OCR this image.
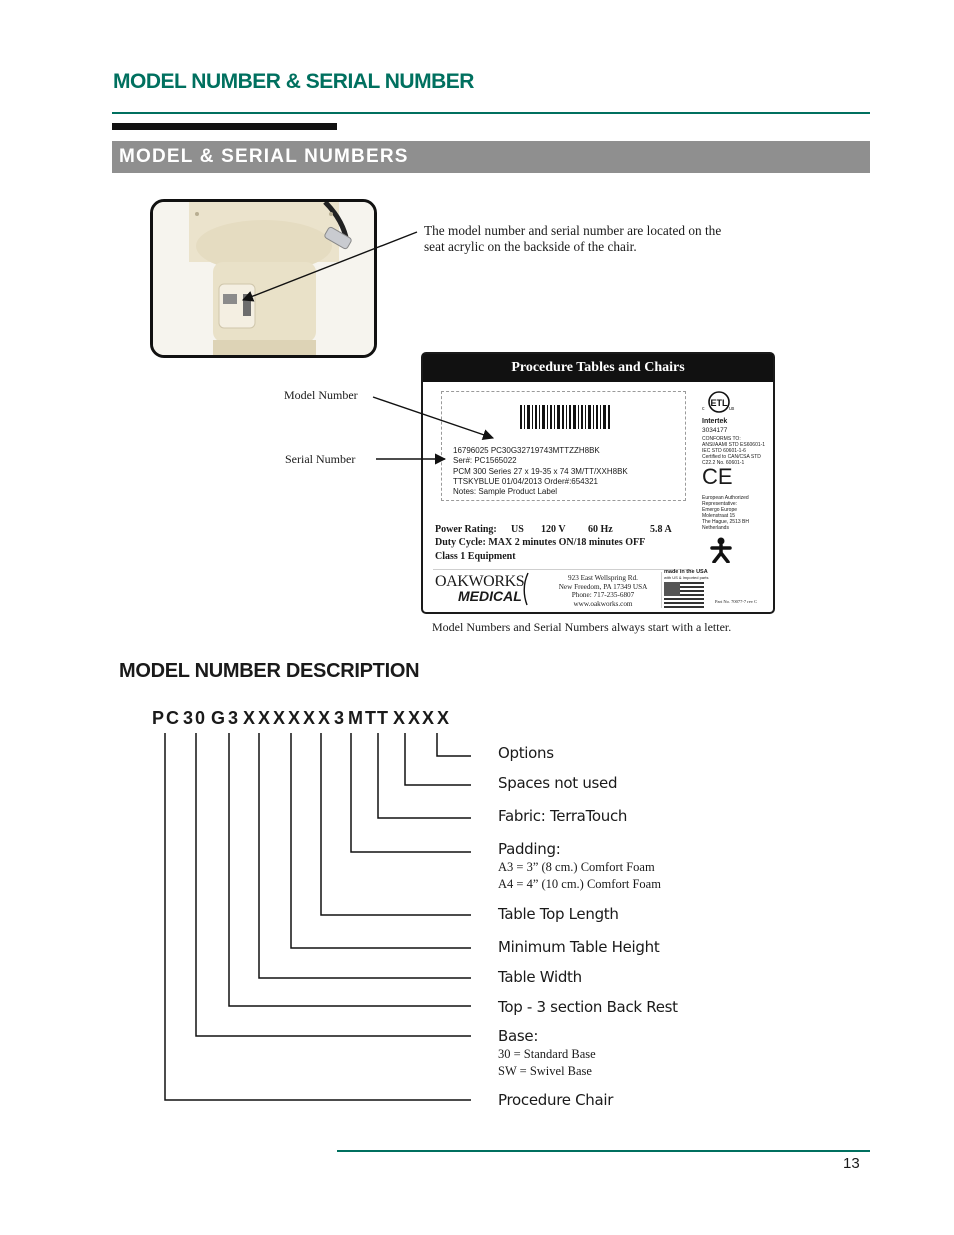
MODEL NUMBER & SERIAL NUMBER
MODEL & SERIAL NUMBERS
The model number and serial number are located on the seat acrylic on the backside of the chair.
Model Number
Serial Number
Procedure Tables and Chairs
16796025 PC30G32719743MTTZZH8BK
Ser#: PC1565022
PCM 300 Series 27 x 19-35 x 74 3M/TT/XXH8BK
TTSKYBLUE 01/04/2013 Order#:654321
Notes: Sample Product Label
ETL
c	us
Intertek
3034177
CONFORMS TO:
ANSI/AAMI STD ES60601-1
IEC STD 60601-1-6
Certified to CAN/CSA STD
C22.2 No. 60601-1
CE
European Authorized
Representative:
Emergo Europe
Molenstraat 15
The Hague, 2513 BH
Netherlands
Power Rating: US 120 V 60 Hz	5.8 A
Duty Cycle: MAX 2 minutes ON/18 minutes OFF
Class 1 Equipment
OAKWORKS
MEDICAL
923 East Wellspring Rd.
New Freedom, PA 17349 USA
Phone: 717-235-6807
www.oakworks.com
made in the USA
with US & Imported parts
Part No. 70077-7 rev C
Model Numbers and Serial Numbers always start with a letter.
MODEL NUMBER DESCRIPTION
P C 3 0 G 3 X X X X X X 3 M T T X X X X
Options
Spaces not used
Fabric: TerraTouch
Padding:
A3 = 3” (8 cm.) Comfort Foam
A4 = 4” (10 cm.) Comfort Foam
Table Top Length
Minimum Table Height
Table Width
Top - 3 section Back Rest
Base:
30 = Standard Base
SW = Swivel Base
Procedure Chair
13
